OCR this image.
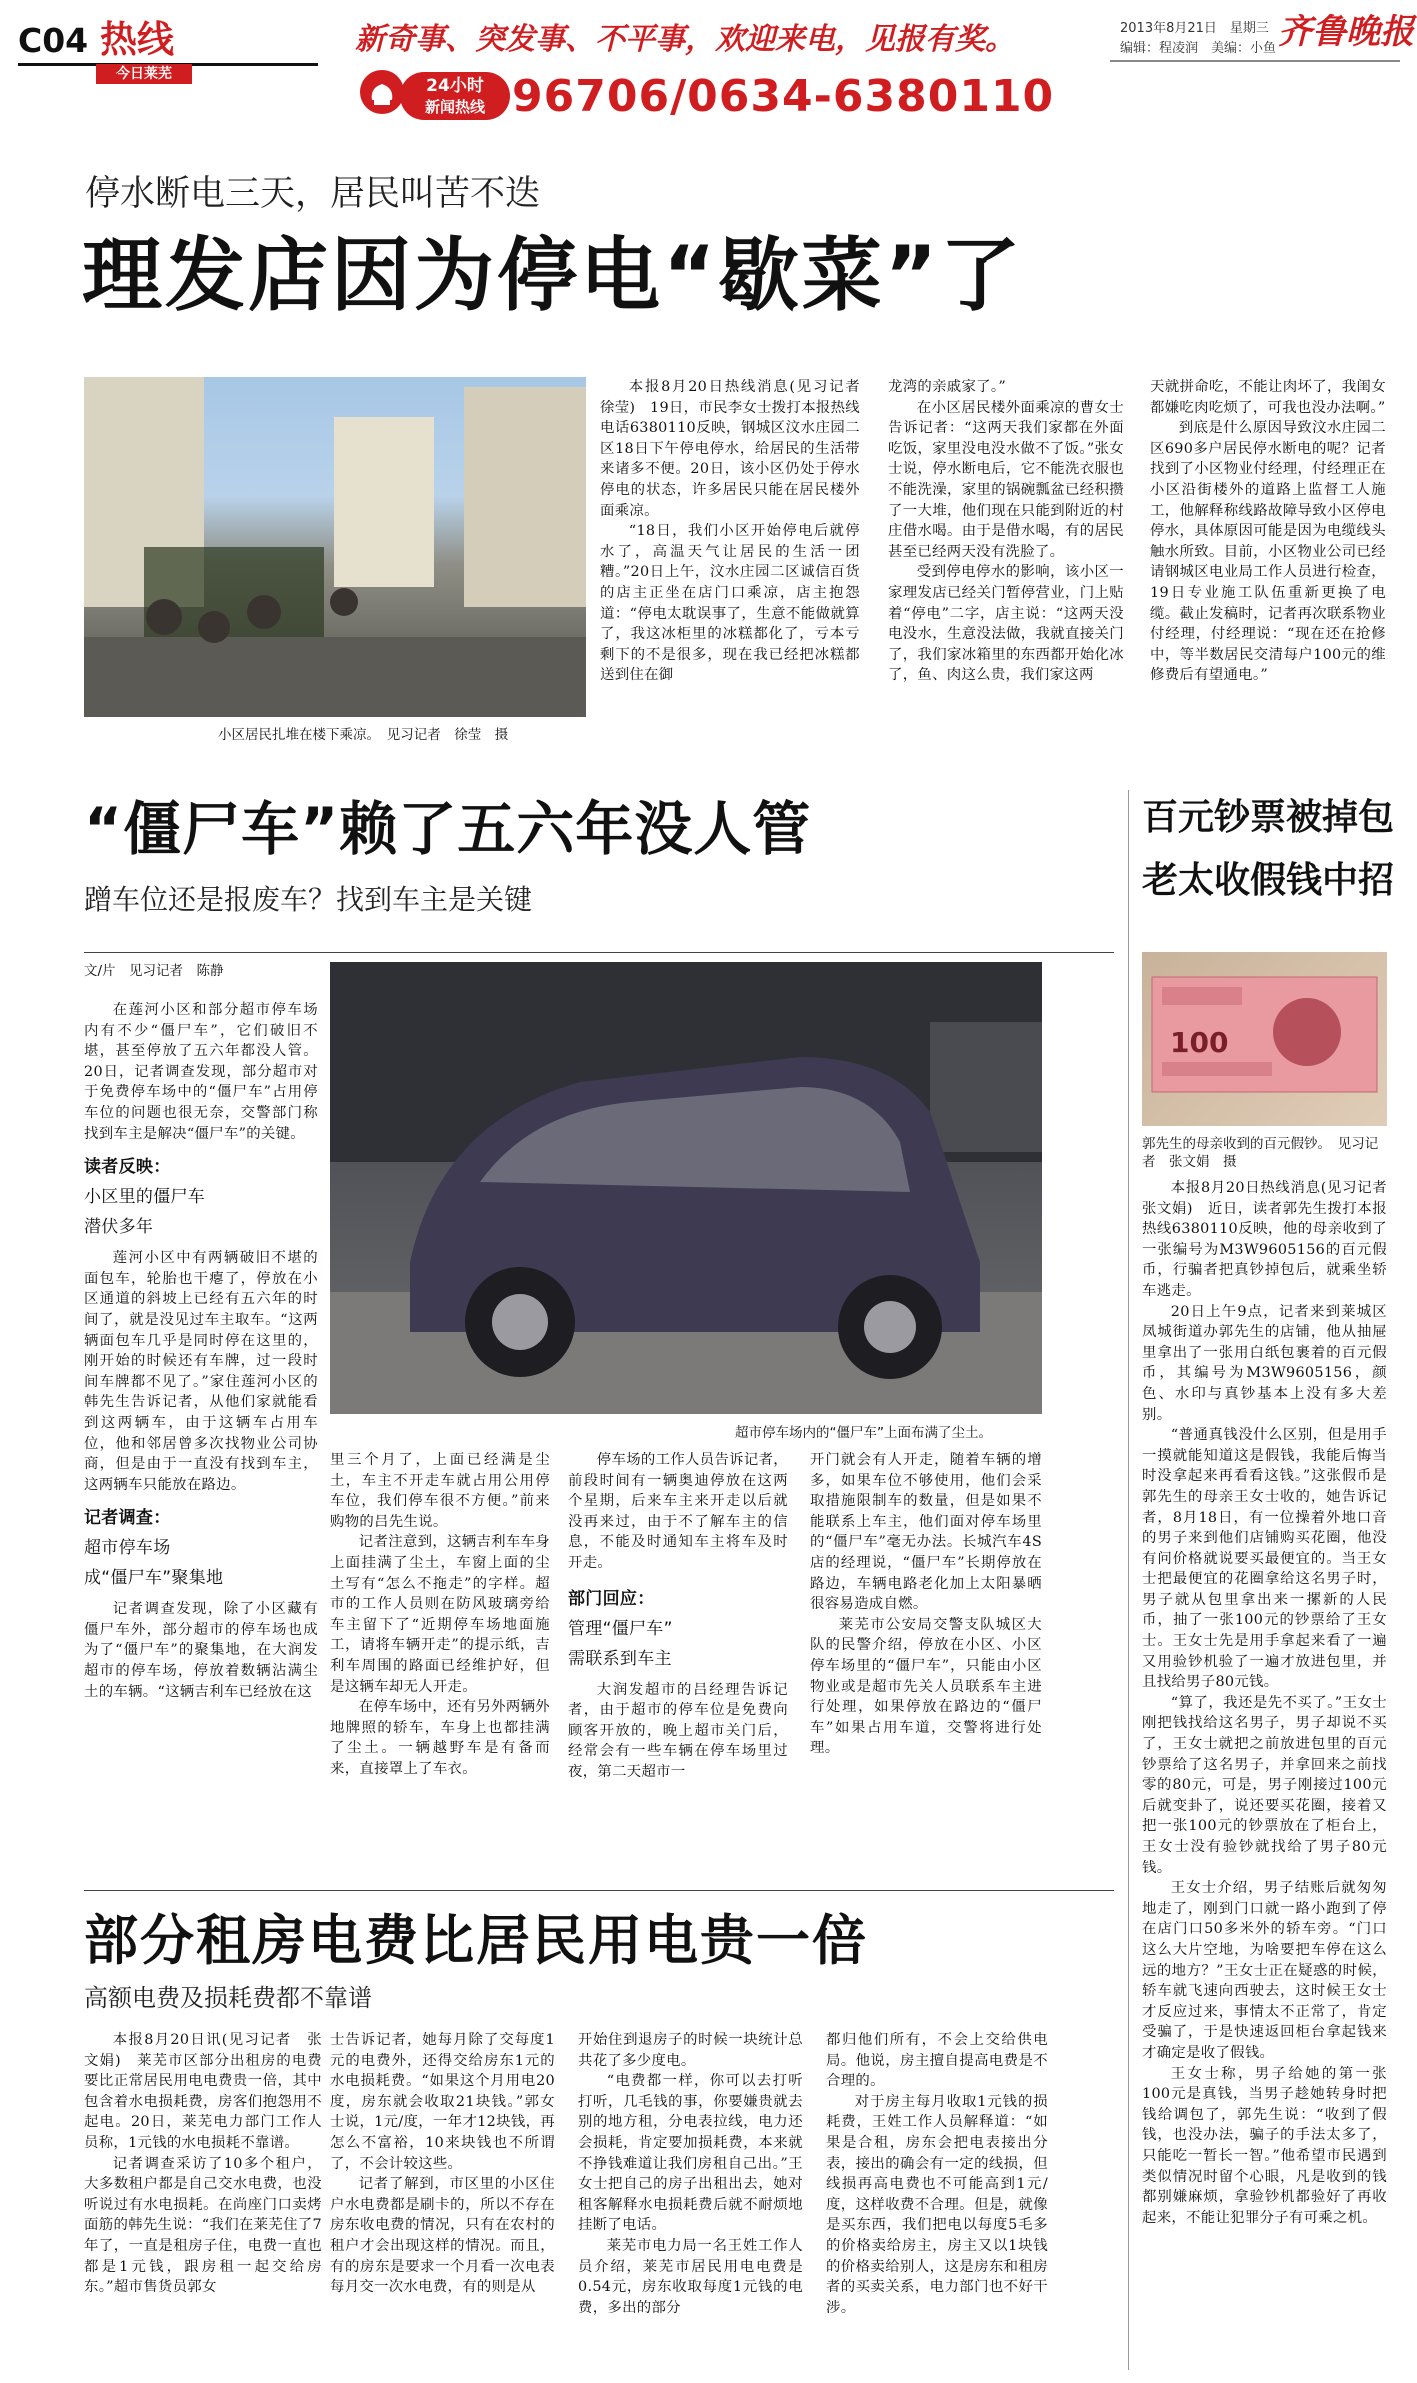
C04 热线
今日莱芜
新奇事、突发事、不平事，欢迎来电，见报有奖。
24小时
新闻热线 96706/0634-6380110
2013年8月21日　星期三 齐鲁晚报
编辑：程凌润　美编：小鱼
停水断电三天，居民叫苦不迭
理发店因为停电“歇菜”了
小区居民扎堆在楼下乘凉。　见习记者　徐莹　摄

本报8月20日热线消息(见习记者　徐莹)　19日，市民李女士拨打本报热线电话6380110反映，钢城区汶水庄园二区18日下午停电停水，给居民的生活带来诸多不便。20日，该小区仍处于停水停电的状态，许多居民只能在居民楼外面乘凉。

“18日，我们小区开始停电后就停水了，高温天气让居民的生活一团糟。”20日上午，汶水庄园二区诚信百货的店主正坐在店门口乘凉，店主抱怨道：“停电太耽误事了，生意不能做就算了，我这冰柜里的冰糕都化了，亏本亏剩下的不是很多，现在我已经把冰糕都送到住在御

龙湾的亲戚家了。”

在小区居民楼外面乘凉的曹女士告诉记者：“这两天我们家都在外面吃饭，家里没电没水做不了饭。”张女士说，停水断电后，它不能洗衣服也不能洗澡，家里的锅碗瓢盆已经积攒了一大堆，他们现在只能到附近的村庄借水喝。由于是借水喝，有的居民甚至已经两天没有洗脸了。

受到停电停水的影响，该小区一家理发店已经关门暂停营业，门上贴着“停电”二字，店主说：“这两天没电没水，生意没法做，我就直接关门了，我们家冰箱里的东西都开始化冰了，鱼、肉这么贵，我们家这两

天就拼命吃，不能让肉坏了，我闺女都嫌吃肉吃烦了，可我也没办法啊。”

到底是什么原因导致汶水庄园二区690多户居民停水断电的呢？记者找到了小区物业付经理，付经理正在小区沿街楼外的道路上监督工人施工，他解释称线路故障导致小区停电停水，具体原因可能是因为电缆线头触水所致。目前，小区物业公司已经请钢城区电业局工作人员进行检查，19日专业施工队伍重新更换了电缆。截止发稿时，记者再次联系物业付经理，付经理说：“现在还在抢修中，等半数居民交清每户100元的维修费后有望通电。”

“僵尸车”赖了五六年没人管
蹭车位还是报废车？找到车主是关键
文/片　见习记者　陈静

在莲河小区和部分超市停车场内有不少“僵尸车”，它们破旧不堪，甚至停放了五六年都没人管。20日，记者调查发现，部分超市对于免费停车场中的“僵尸车”占用停车位的问题也很无奈，交警部门称找到车主是解决“僵尸车”的关键。

读者反映：
小区里的僵尸车
潜伏多年

莲河小区中有两辆破旧不堪的面包车，轮胎也干瘪了，停放在小区通道的斜坡上已经有五六年的时间了，就是没见过车主取车。“这两辆面包车几乎是同时停在这里的，刚开始的时候还有车牌，过一段时间车牌都不见了。”家住莲河小区的韩先生告诉记者，从他们家就能看到这两辆车，由于这辆车占用车位，他和邻居曾多次找物业公司协商，但是由于一直没有找到车主，这两辆车只能放在路边。

记者调查：
超市停车场
成“僵尸车”聚集地

记者调查发现，除了小区藏有僵尸车外，部分超市的停车场也成为了“僵尸车”的聚集地，在大润发超市的停车场，停放着数辆沾满尘土的车辆。“这辆吉利车已经放在这

超市停车场内的“僵尸车”上面布满了尘土。

里三个月了，上面已经满是尘土，车主不开走车就占用公用停车位，我们停车很不方便。”前来购物的吕先生说。

记者注意到，这辆吉利车车身上面挂满了尘土，车窗上面的尘土写有“怎么不拖走”的字样。超市的工作人员则在防风玻璃旁给车主留下了“近期停车场地面施工，请将车辆开走”的提示纸，吉利车周围的路面已经维护好，但是这辆车却无人开走。

在停车场中，还有另外两辆外地牌照的轿车，车身上也都挂满了尘土。一辆越野车是有备而来，直接罩上了车衣。

停车场的工作人员告诉记者，前段时间有一辆奥迪停放在这两个星期，后来车主来开走以后就没再来过，由于不了解车主的信息，不能及时通知车主将车及时开走。

部门回应：
管理“僵尸车”
需联系到车主

大润发超市的吕经理告诉记者，由于超市的停车位是免费向顾客开放的，晚上超市关门后，经常会有一些车辆在停车场里过夜，第二天超市一

开门就会有人开走，随着车辆的增多，如果车位不够使用，他们会采取措施限制车的数量，但是如果不能联系上车主，他们面对停车场里的“僵尸车”毫无办法。长城汽车4S店的经理说，“僵尸车”长期停放在路边，车辆电路老化加上太阳暴晒很容易造成自燃。

莱芜市公安局交警支队城区大队的民警介绍，停放在小区、小区停车场里的“僵尸车”，只能由小区物业或是超市先关人员联系车主进行处理，如果停放在路边的“僵尸车”如果占用车道，交警将进行处理。

百元钞票被掉包
老太收假钱中招
100
郭先生的母亲收到的百元假钞。　见习记者　张文娟　摄

本报8月20日热线消息(见习记者　张文娟)　近日，读者郭先生拨打本报热线6380110反映，他的母亲收到了一张编号为M3W9605156的百元假币，行骗者把真钞掉包后，就乘坐轿车逃走。

20日上午9点，记者来到莱城区凤城街道办郭先生的店铺，他从抽屉里拿出了一张用白纸包裹着的百元假币，其编号为M3W9605156，颜色、水印与真钞基本上没有多大差别。

“普通真钱没什么区别，但是用手一摸就能知道这是假钱，我能后悔当时没拿起来再看看这钱。”这张假币是郭先生的母亲王女士收的，她告诉记者，8月18日，有一位操着外地口音的男子来到他们店铺购买花圈，他没有问价格就说要买最便宜的。当王女士把最便宜的花圈拿给这名男子时，男子就从包里拿出来一摞新的人民币，抽了一张100元的钞票给了王女士。王女士先是用手拿起来看了一遍又用验钞机验了一遍才放进包里，并且找给男子80元钱。

“算了，我还是先不买了。”王女士刚把钱找给这名男子，男子却说不买了，王女士就把之前放进包里的百元钞票给了这名男子，并拿回来之前找零的80元，可是，男子刚接过100元后就变卦了，说还要买花圈，接着又把一张100元的钞票放在了柜台上，王女士没有验钞就找给了男子80元钱。

王女士介绍，男子结账后就匆匆地走了，刚到门口就一路小跑到了停在店门口50多米外的轿车旁。“门口这么大片空地，为啥要把车停在这么远的地方？”王女士正在疑惑的时候，轿车就飞速向西驶去，这时候王女士才反应过来，事情太不正常了，肯定受骗了，于是快速返回柜台拿起钱来才确定是收了假钱。

王女士称，男子给她的第一张100元是真钱，当男子趁她转身时把钱给调包了，郭先生说：“收到了假钱，也没办法，骗子的手法太多了，只能吃一暂长一智。”他希望市民遇到类似情况时留个心眼，凡是收到的钱都别嫌麻烦，拿验钞机都验好了再收起来，不能让犯罪分子有可乘之机。

部分租房电费比居民用电贵一倍
高额电费及损耗费都不靠谱

本报8月20日讯(见习记者　张文娟)　莱芜市区部分出租房的电费要比正常居民用电电费贵一倍，其中包含着水电损耗费，房客们抱怨用不起电。20日，莱芜电力部门工作人员称，1元钱的水电损耗不靠谱。

记者调查采访了10多个租户，大多数租户都是自己交水电费，也没听说过有水电损耗。在尚座门口卖烤面筋的韩先生说：“我们在莱芜住了7年了，一直是租房子住，电费一直也都是1元钱，跟房租一起交给房东。”超市售货员郭女

士告诉记者，她每月除了交每度1元的电费外，还得交给房东1元的水电损耗费。“如果这个月用电20度，房东就会收取21块钱。”郭女士说，1元/度，一年才12块钱，再怎么不富裕，10来块钱也不所谓了，不会计较这些。

记者了解到，市区里的小区住户水电费都是刷卡的，所以不存在房东收电费的情况，只有在农村的租户才会出现这样的情况。而且，有的房东是要求一个月看一次电表每月交一次水电费，有的则是从

开始住到退房子的时候一块统计总共花了多少度电。

“电费都一样，你可以去打听打听，几毛钱的事，你要嫌贵就去别的地方租，分电表拉线，电力还会损耗，肯定要加损耗费，本来就不挣钱难道让我们房租自己出。”王女士把自己的房子出租出去，她对租客解释水电损耗费后就不耐烦地挂断了电话。

莱芜市电力局一名王姓工作人员介绍，莱芜市居民用电电费是0.54元，房东收取每度1元钱的电费，多出的部分

都归他们所有，不会上交给供电局。他说，房主擅自提高电费是不合理的。

对于房主每月收取1元钱的损耗费，王姓工作人员解释道：“如果是合租，房东会把电表接出分表，接出的确会有一定的线损，但线损再高电费也不可能高到1元/度，这样收费不合理。但是，就像是买东西，我们把电以每度5毛多的价格卖给房主，房主又以1块钱的价格卖给别人，这是房东和租房者的买卖关系，电力部门也不好干涉。
